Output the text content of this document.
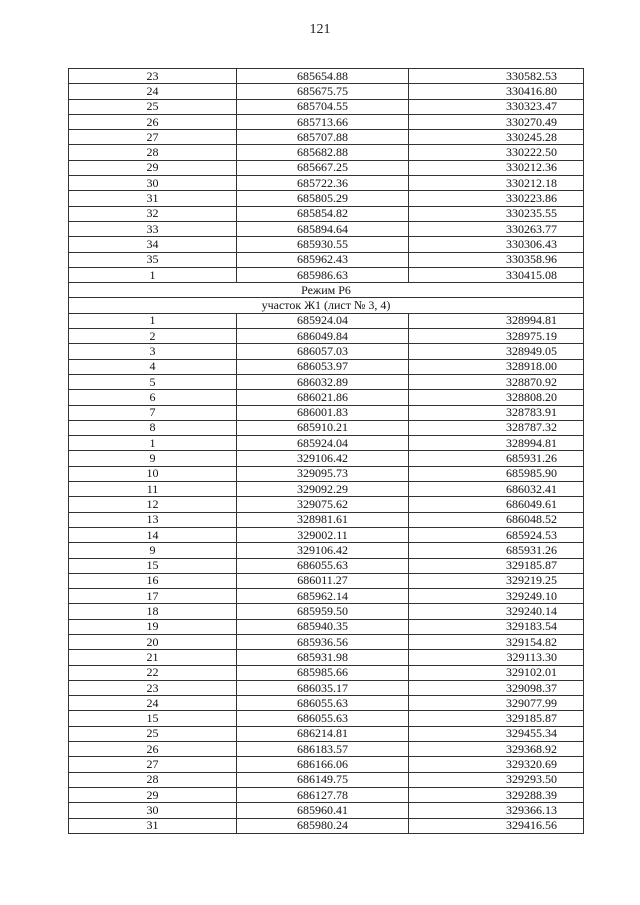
121
23	685654.88	330582.53
24	685675.75	330416.80
25	685704.55	330323.47
26	685713.66	330270.49
27	685707.88	330245.28
28	685682.88	330222.50
29	685667.25	330212.36
30	685722.36	330212.18
31	685805.29	330223.86
32	685854.82	330235.55
33	685894.64	330263.77
34	685930.55	330306.43
35	685962.43	330358.96
1	685986.63	330415.08
Режим Р6		
участок Ж1 (лист № 3, 4)		
1	685924.04	328994.81
2	686049.84	328975.19
3	686057.03	328949.05
4	686053.97	328918.00
5	686032.89	328870.92
6	686021.86	328808.20
7	686001.83	328783.91
8	685910.21	328787.32
1	685924.04	328994.81
9	329106.42	685931.26
10	329095.73	685985.90
11	329092.29	686032.41
12	329075.62	686049.61
13	328981.61	686048.52
14	329002.11	685924.53
9	329106.42	685931.26
15	686055.63	329185.87
16	686011.27	329219.25
17	685962.14	329249.10
18	685959.50	329240.14
19	685940.35	329183.54
20	685936.56	329154.82
21	685931.98	329113.30
22	685985.66	329102.01
23	686035.17	329098.37
24	686055.63	329077.99
15	686055.63	329185.87
25	686214.81	329455.34
26	686183.57	329368.92
27	686166.06	329320.69
28	686149.75	329293.50
29	686127.78	329288.39
30	685960.41	329366.13
31	685980.24	329416.56
